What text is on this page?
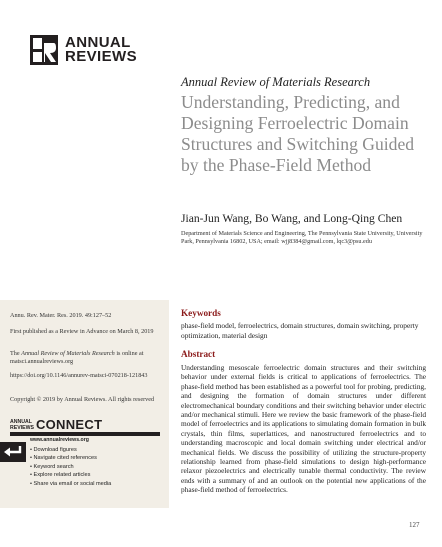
ANNUAL
REVIEWS
Annual Review of Materials Research
Understanding, Predicting, and Designing Ferroelectric Domain Structures and Switching Guided by the Phase-Field Method
Jian-Jun Wang, Bo Wang, and Long-Qing Chen
Department of Materials Science and Engineering, The Pennsylvania State University, University Park, Pennsylvania 16802, USA; email: wjj8384@gmail.com, lqc3@psu.edu
Annu. Rev. Mater. Res. 2019. 49:127–52
First published as a Review in Advance on March 8, 2019
The Annual Review of Materials Research is online at matsci.annualreviews.org
https://doi.org/10.1146/annurev-matsci-070218-121843
Copyright © 2019 by Annual Reviews. All rights reserved
ANNUAL
REVIEWS CONNECT
www.annualreviews.org
• Download figures
• Navigate cited references
• Keyword search
• Explore related articles
• Share via email or social media
Keywords
phase-field model, ferroelectrics, domain structures, domain switching, property optimization, material design
Abstract
Understanding mesoscale ferroelectric domain structures and their switching behavior under external fields is critical to applications of ferroelectrics. The phase-field method has been established as a powerful tool for probing, predicting, and designing the formation of domain structures under different electromechanical boundary conditions and their switching behavior under electric and/or mechanical stimuli. Here we review the basic framework of the phase-field model of ferroelectrics and its applications to simulating domain formation in bulk crystals, thin films, superlattices, and nanostructured ferroelectrics and to understanding macroscopic and local domain switching under electrical and/or mechanical fields. We discuss the possibility of utilizing the structure-property relationship learned from phase-field simulations to design high-performance relaxor piezoelectrics and electrically tunable thermal conductivity. The review ends with a summary of and an outlook on the potential new applications of the phase-field method of ferroelectrics.
127
